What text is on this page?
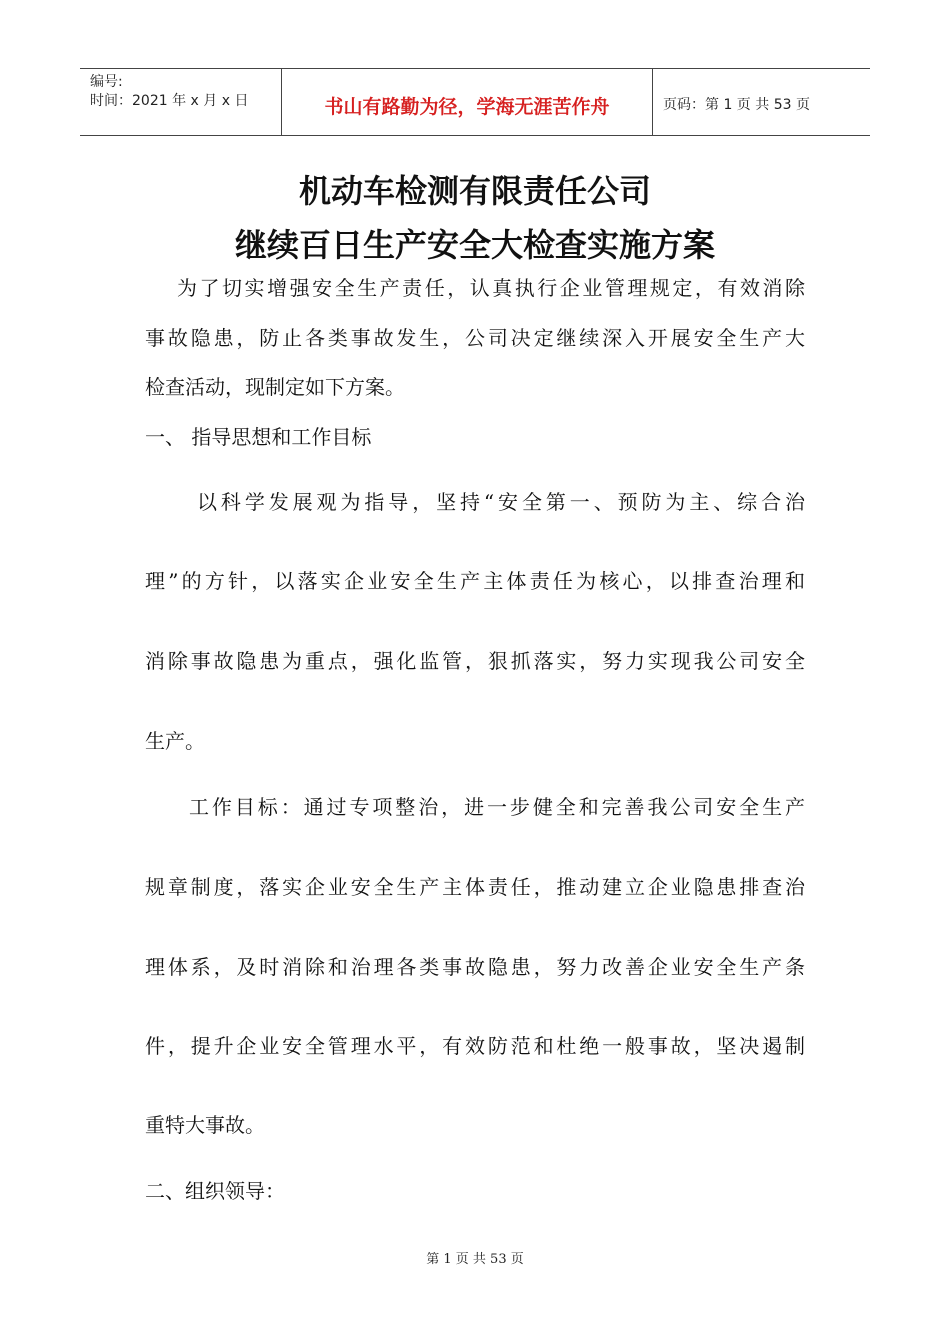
编号:
时间：2021 年 x 月 x 日	书山有路勤为径，学海无涯苦作舟	页码：第 1 页 共 53 页
机动车检测有限责任公司
继续百日生产安全大检查实施方案
为了切实增强安全生产责任，认真执行企业管理规定，有效消除
事故隐患，防止各类事故发生，公司决定继续深入开展安全生产大
检查活动，现制定如下方案。
一、 指导思想和工作目标
以科学发展观为指导，坚持“安全第一、预防为主、综合治
理”的方针，以落实企业安全生产主体责任为核心，以排查治理和
消除事故隐患为重点，强化监管，狠抓落实，努力实现我公司安全
生产。
工作目标：通过专项整治，进一步健全和完善我公司安全生产
规章制度，落实企业安全生产主体责任，推动建立企业隐患排查治
理体系，及时消除和治理各类事故隐患，努力改善企业安全生产条
件，提升企业安全管理水平，有效防范和杜绝一般事故，坚决遏制
重特大事故。
二、组织领导：
第 1 页 共 53 页
